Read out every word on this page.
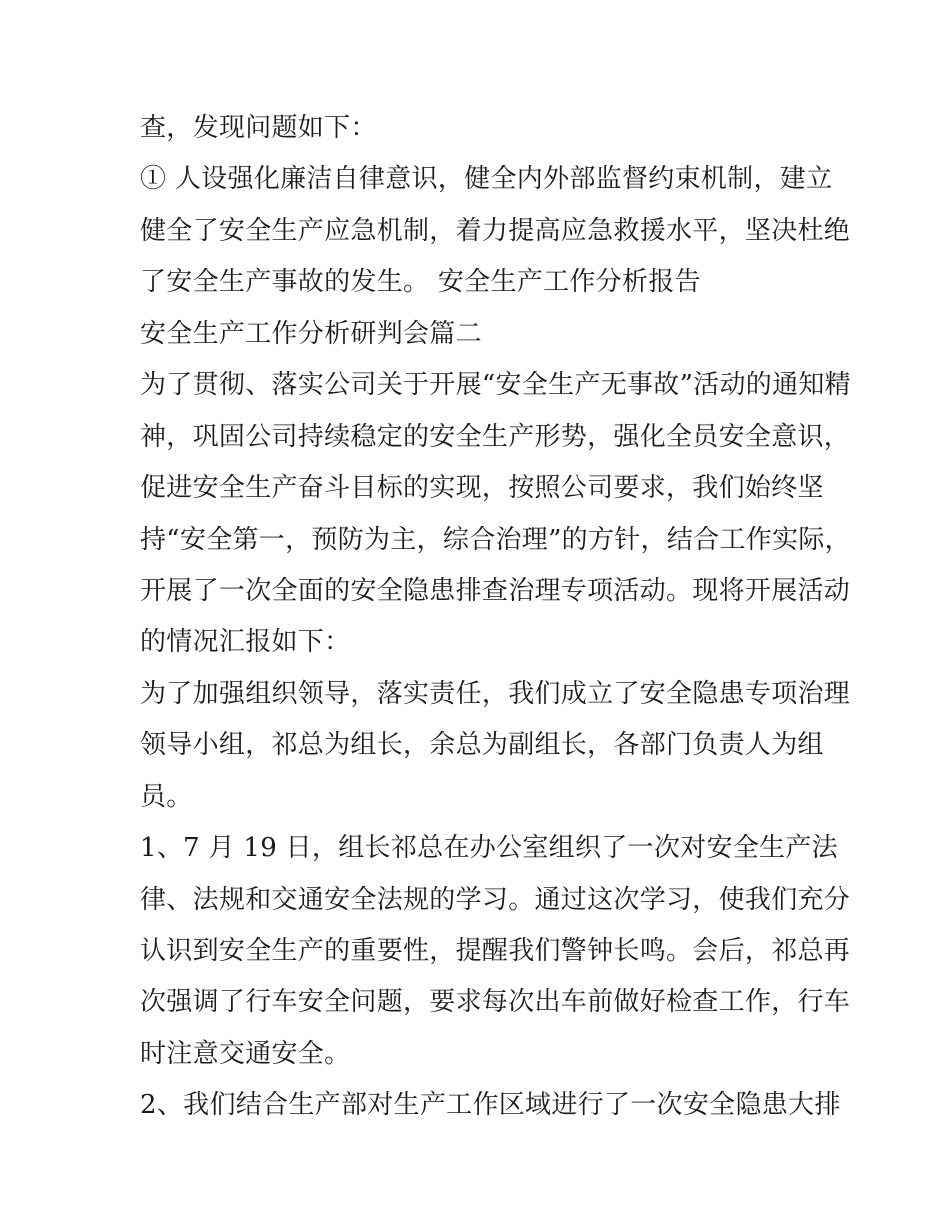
查，发现问题如下：

① 人设强化廉洁自律意识，健全内外部监督约束机制，建立

健全了安全生产应急机制，着力提高应急救援水平，坚决杜绝

了安全生产事故的发生。 安全生产工作分析报告

安全生产工作分析研判会篇二

为了贯彻、落实公司关于开展“安全生产无事故”活动的通知精

神，巩固公司持续稳定的安全生产形势，强化全员安全意识，

促进安全生产奋斗目标的实现，按照公司要求，我们始终坚

持“安全第一，预防为主，综合治理”的方针，结合工作实际，

开展了一次全面的安全隐患排查治理专项活动。现将开展活动

的情况汇报如下：

为了加强组织领导，落实责任，我们成立了安全隐患专项治理

领导小组，祁总为组长，余总为副组长，各部门负责人为组

员。

1、7 月 19 日，组长祁总在办公室组织了一次对安全生产法

律、法规和交通安全法规的学习。通过这次学习，使我们充分

认识到安全生产的重要性，提醒我们警钟长鸣。会后，祁总再

次强调了行车安全问题，要求每次出车前做好检查工作，行车

时注意交通安全。

2、我们结合生产部对生产工作区域进行了一次安全隐患大排
